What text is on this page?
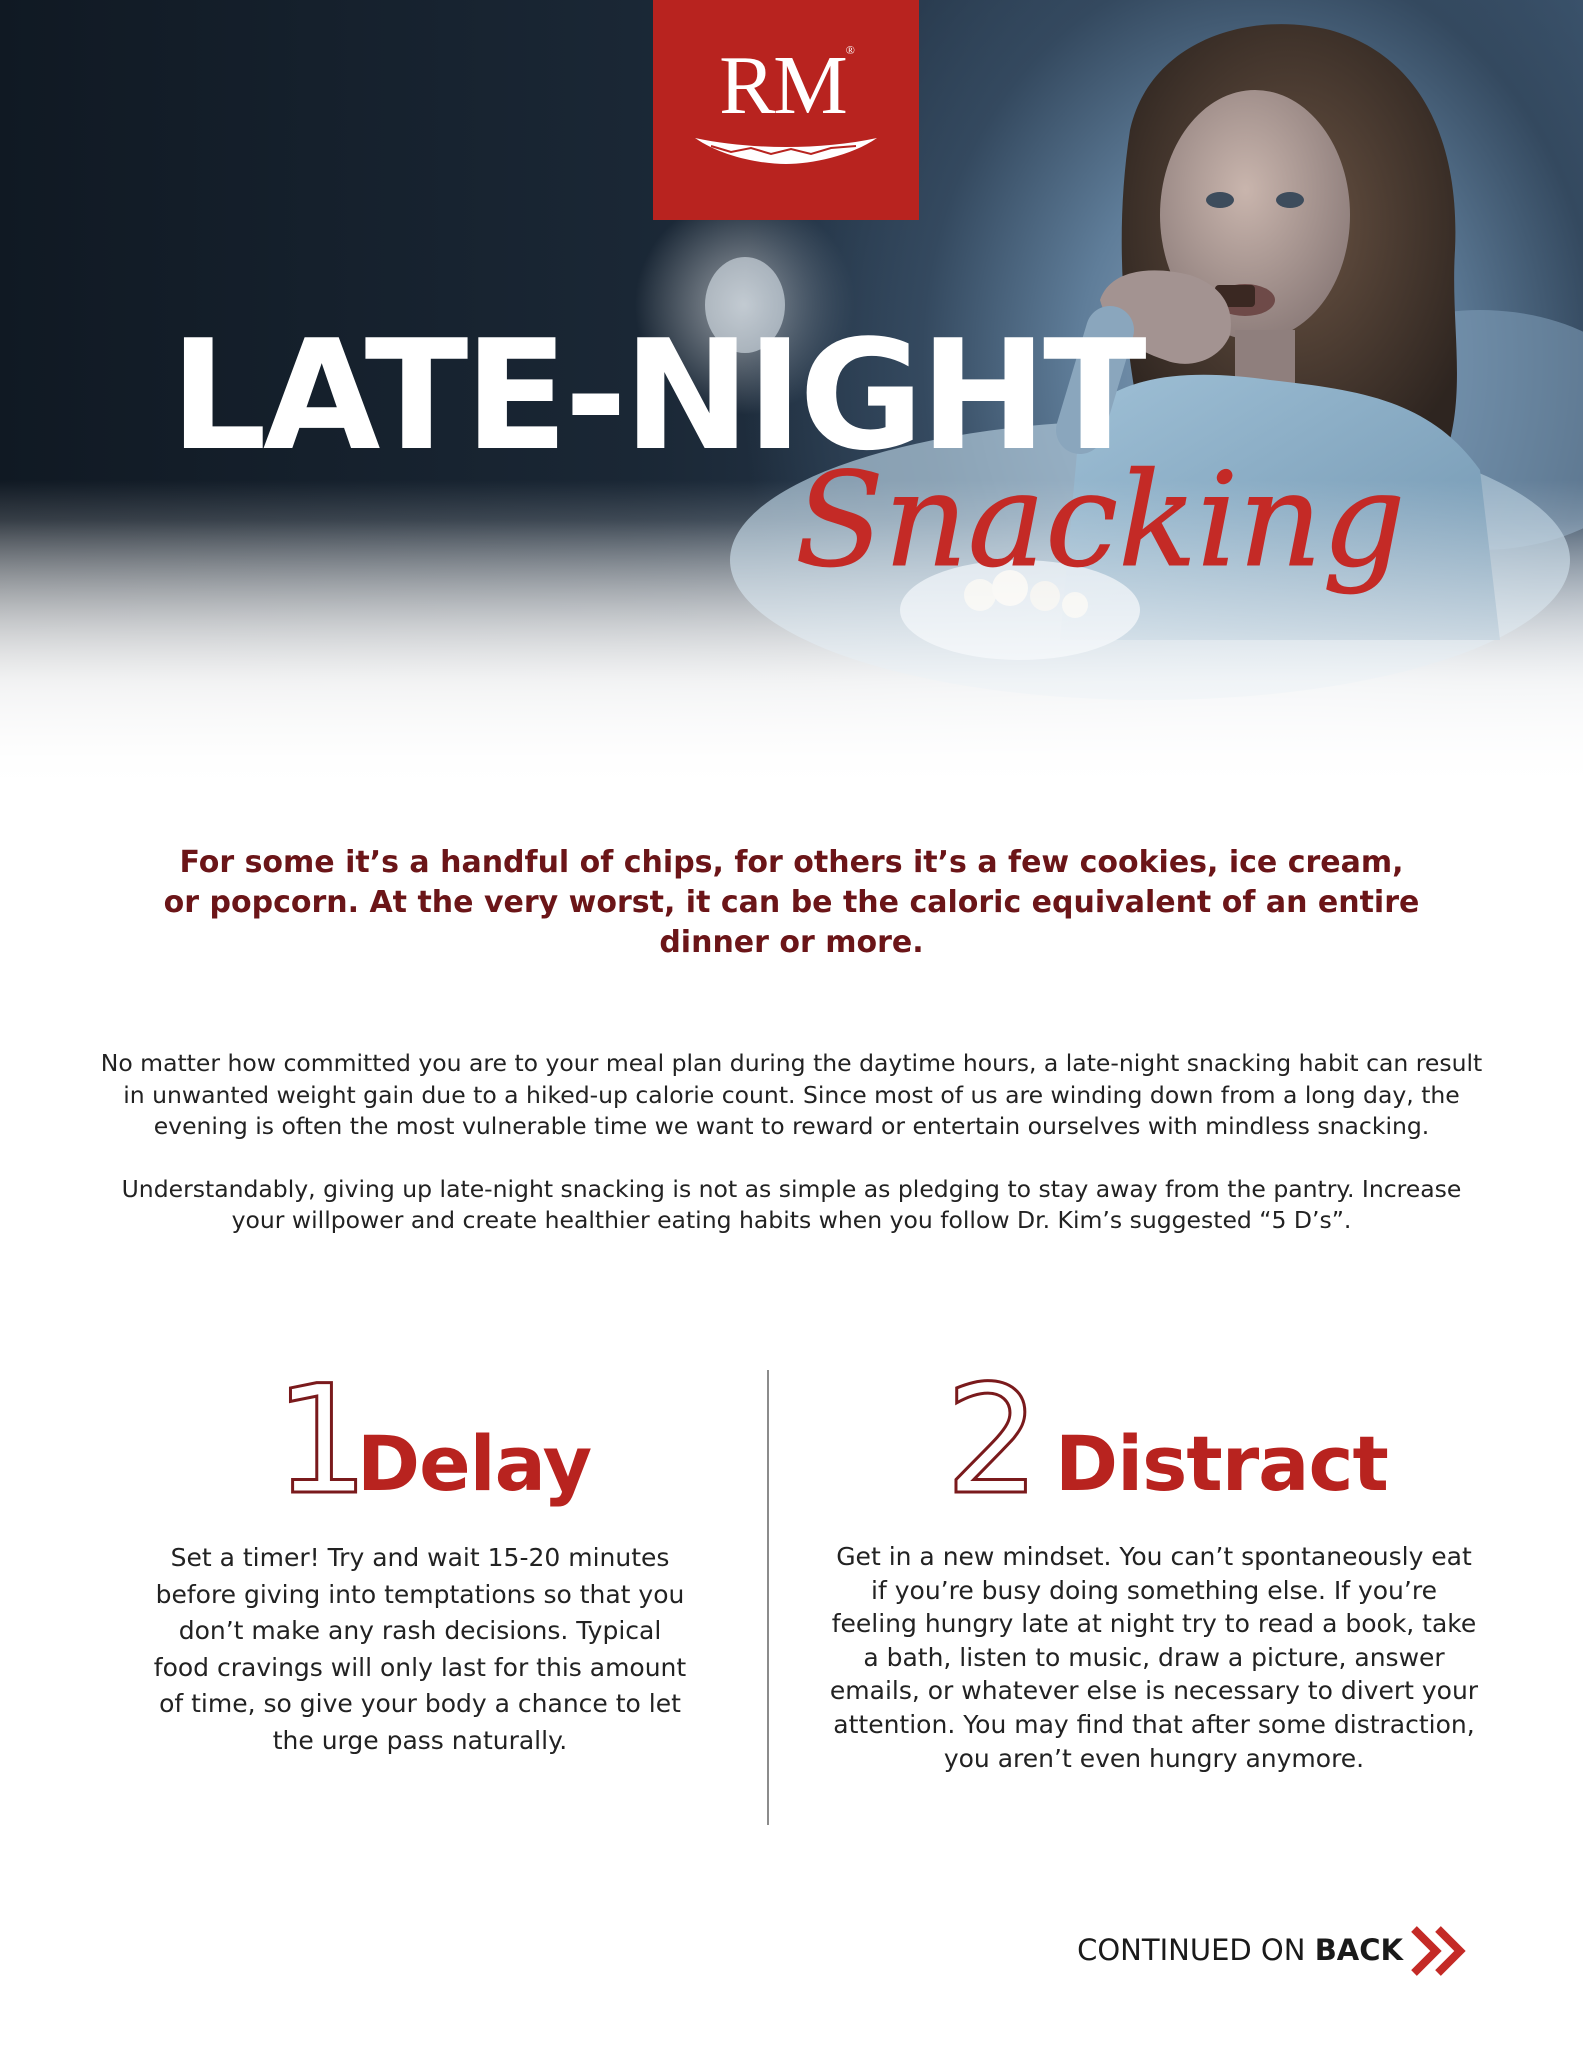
RM®
LATE-NIGHT
Snacking

For some it’s a handful of chips, for others it’s a few cookies, ice cream, or popcorn. At the very worst, it can be the caloric equivalent of an entire dinner or more.

No matter how committed you are to your meal plan during the daytime hours, a late-night snacking habit can result in unwanted weight gain due to a hiked-up calorie count. Since most of us are winding down from a long day, the evening is often the most vulnerable time we want to reward or entertain ourselves with mindless snacking.

Understandably, giving up late-night snacking is not as simple as pledging to stay away from the pantry. Increase your willpower and create healthier eating habits when you follow Dr. Kim’s suggested “5 D’s”.

1
Delay

Set a timer! Try and wait 15-20 minutes before giving into temptations so that you don’t make any rash decisions. Typical food cravings will only last for this amount of time, so give your body a chance to let the urge pass naturally.

2 Distract

Get in a new mindset. You can’t spontaneously eat if you’re busy doing something else. If you’re feeling hungry late at night try to read a book, take a bath, listen to music, draw a picture, answer emails, or whatever else is necessary to divert your attention. You may find that after some distraction, you aren’t even hungry anymore.

CONTINUED ON BACK
